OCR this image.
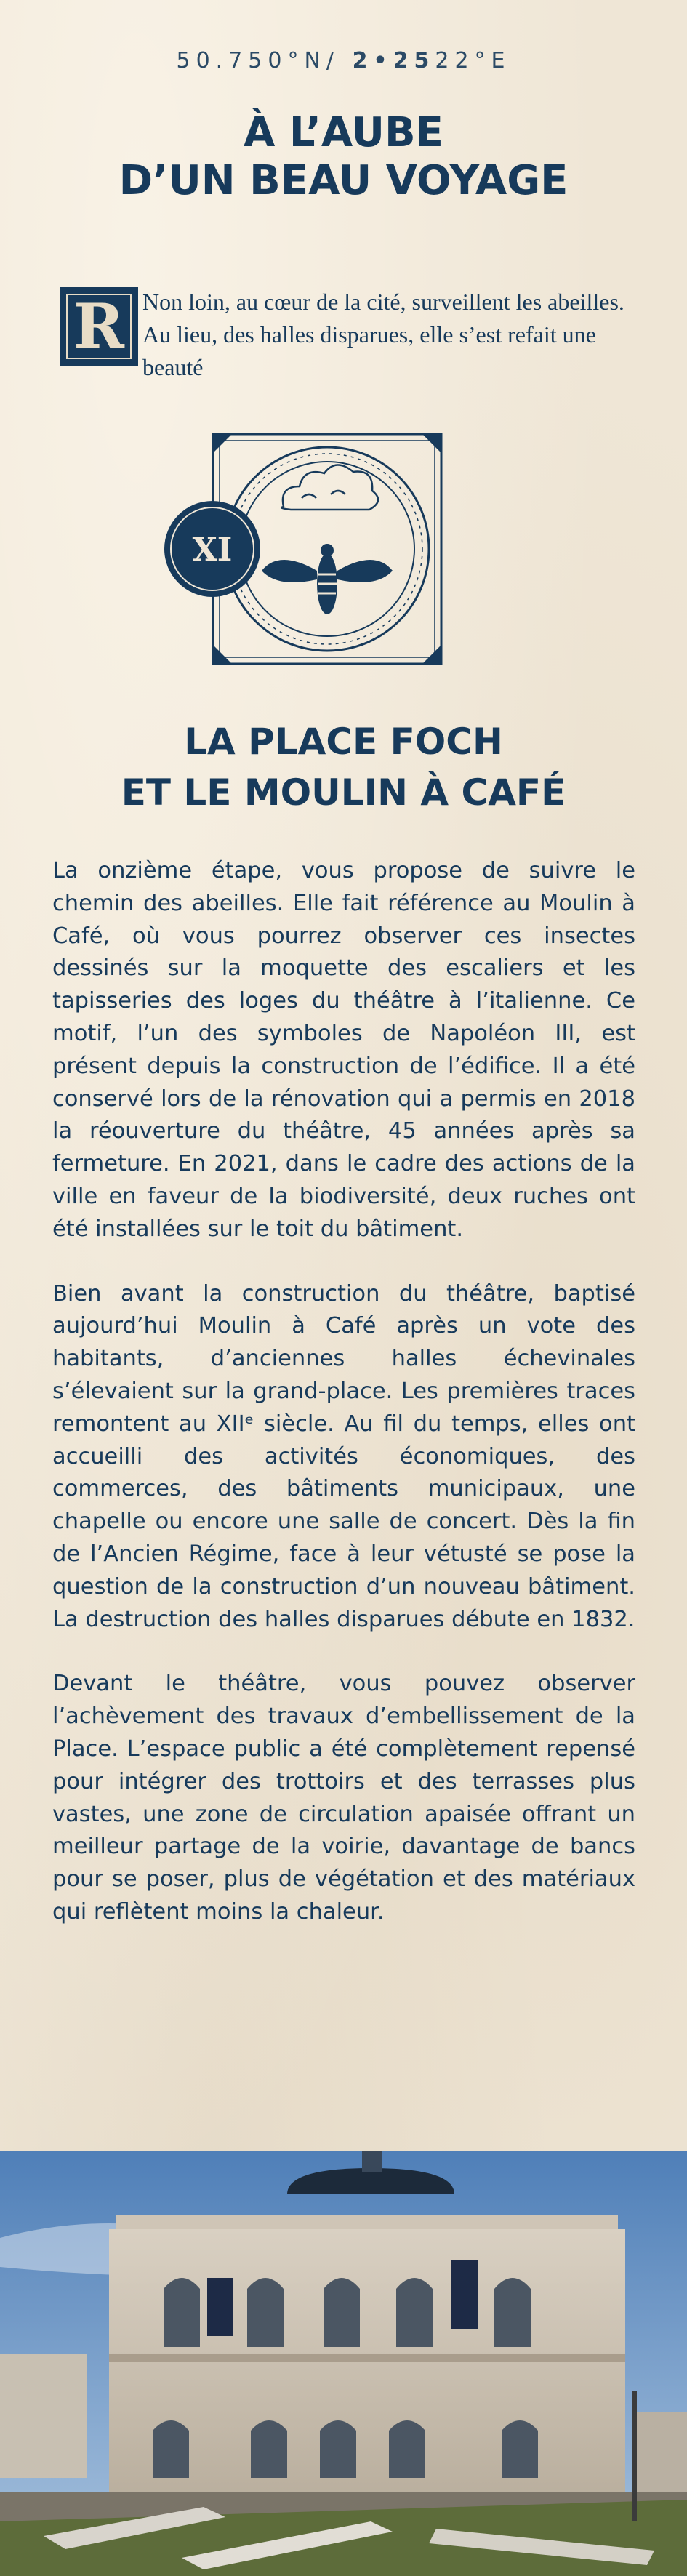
50.750°N/ 2•2522°E
À L’AUBE
D’UN BEAU VOYAGE
R Non loin, au cœur de la cité, surveillent les abeilles. Au lieu, des halles disparues, elle s’est refait une beauté
XI
LA PLACE FOCH
ET LE MOULIN À CAFÉ

La onzième étape, vous propose de suivre le chemin des abeilles. Elle fait référence au Moulin à Café, où vous pourrez observer ces insectes dessinés sur la moquette des escaliers et les tapisseries des loges du théâtre à l’italienne. Ce motif, l’un des symboles de Napoléon III, est présent depuis la construction de l’édifice. Il a été conservé lors de la rénovation qui a permis en 2018 la réouverture du théâtre, 45 années après sa fermeture. En 2021, dans le cadre des actions de la ville en faveur de la biodiversité, deux ruches ont été installées sur le toit du bâtiment.

Bien avant la construction du théâtre, baptisé aujourd’hui Moulin à Café après un vote des habitants, d’anciennes halles échevinales s’élevaient sur la grand-place. Les premières traces remontent au XIIᵉ siècle. Au fil du temps, elles ont accueilli des activités économiques, des commerces, des bâtiments municipaux, une chapelle ou encore une salle de concert. Dès la fin de l’Ancien Régime, face à leur vétusté se pose la question de la construction d’un nouveau bâtiment. La destruction des halles disparues débute en 1832.

Devant le théâtre, vous pouvez observer l’achèvement des travaux d’embellissement de la Place. L’espace public a été complètement repensé pour intégrer des trottoirs et des terrasses plus vastes, une zone de circulation apaisée offrant un meilleur partage de la voirie, davantage de bancs pour se poser, plus de végétation et des matériaux qui reflètent moins la chaleur.
